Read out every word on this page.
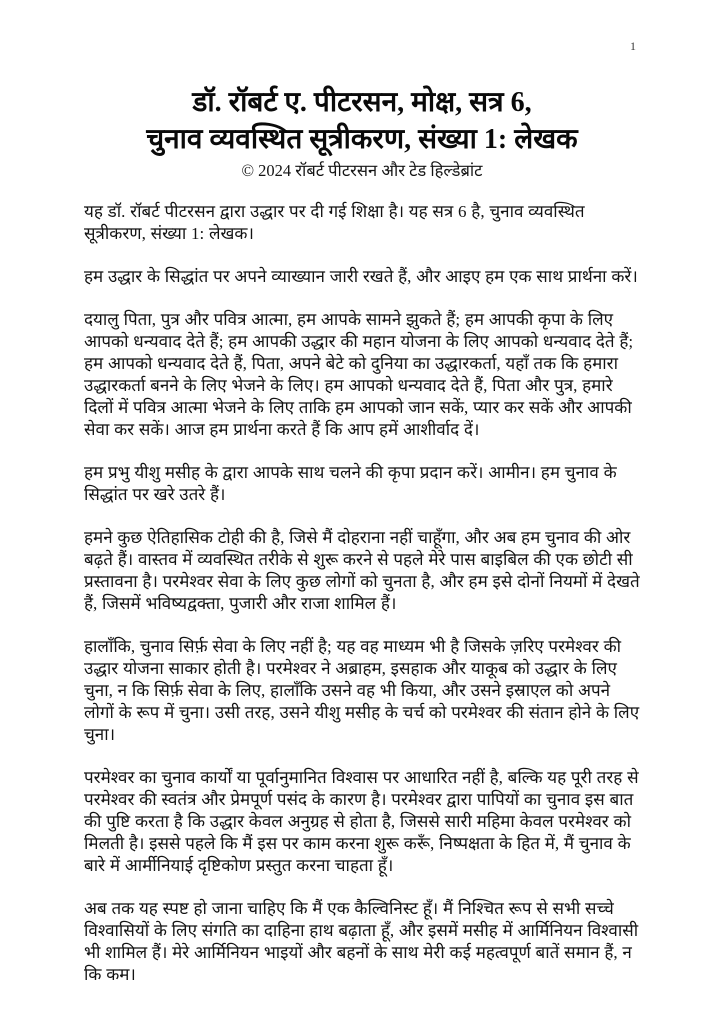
1
डॉ. रॉबर्ट ए. पीटरसन, मोक्ष, सत्र 6,
चुनाव व्यवस्थित सूत्रीकरण, संख्या 1: लेखक
© 2024 रॉबर्ट पीटरसन और टेड हिल्डेब्रांट

यह डॉ. रॉबर्ट पीटरसन द्वारा उद्धार पर दी गई शिक्षा है। यह सत्र 6 है, चुनाव व्यवस्थित सूत्रीकरण, संख्या 1: लेखक।

हम उद्धार के सिद्धांत पर अपने व्याख्यान जारी रखते हैं, और आइए हम एक साथ प्रार्थना करें।

दयालु पिता, पुत्र और पवित्र आत्मा, हम आपके सामने झुकते हैं; हम आपकी कृपा के लिए आपको धन्यवाद देते हैं; हम आपकी उद्धार की महान योजना के लिए आपको धन्यवाद देते हैं; हम आपको धन्यवाद देते हैं, पिता, अपने बेटे को दुनिया का उद्धारकर्ता, यहाँ तक कि हमारा उद्धारकर्ता बनने के लिए भेजने के लिए। हम आपको धन्यवाद देते हैं, पिता और पुत्र, हमारे दिलों में पवित्र आत्मा भेजने के लिए ताकि हम आपको जान सकें, प्यार कर सकें और आपकी सेवा कर सकें। आज हम प्रार्थना करते हैं कि आप हमें आशीर्वाद दें।

हम प्रभु यीशु मसीह के द्वारा आपके साथ चलने की कृपा प्रदान करें। आमीन। हम चुनाव के सिद्धांत पर खरे उतरे हैं।

हमने कुछ ऐतिहासिक टोही की है, जिसे मैं दोहराना नहीं चाहूँगा, और अब हम चुनाव की ओर बढ़ते हैं। वास्तव में व्यवस्थित तरीके से शुरू करने से पहले मेरे पास बाइबिल की एक छोटी सी प्रस्तावना है। परमेश्वर सेवा के लिए कुछ लोगों को चुनता है, और हम इसे दोनों नियमों में देखते हैं, जिसमें भविष्यद्वक्ता, पुजारी और राजा शामिल हैं।

हालाँकि, चुनाव सिर्फ़ सेवा के लिए नहीं है; यह वह माध्यम भी है जिसके ज़रिए परमेश्वर की उद्धार योजना साकार होती है। परमेश्वर ने अब्राहम, इसहाक और याकूब को उद्धार के लिए चुना, न कि सिर्फ़ सेवा के लिए, हालाँकि उसने वह भी किया, और उसने इस्राएल को अपने लोगों के रूप में चुना। उसी तरह, उसने यीशु मसीह के चर्च को परमेश्वर की संतान होने के लिए चुना।

परमेश्वर का चुनाव कार्यों या पूर्वानुमानित विश्वास पर आधारित नहीं है, बल्कि यह पूरी तरह से परमेश्वर की स्वतंत्र और प्रेमपूर्ण पसंद के कारण है। परमेश्वर द्वारा पापियों का चुनाव इस बात की पुष्टि करता है कि उद्धार केवल अनुग्रह से होता है, जिससे सारी महिमा केवल परमेश्वर को मिलती है। इससे पहले कि मैं इस पर काम करना शुरू करूँ, निष्पक्षता के हित में, मैं चुनाव के बारे में आर्मीनियाई दृष्टिकोण प्रस्तुत करना चाहता हूँ।

अब तक यह स्पष्ट हो जाना चाहिए कि मैं एक कैल्विनिस्ट हूँ। मैं निश्चित रूप से सभी सच्चे विश्वासियों के लिए संगति का दाहिना हाथ बढ़ाता हूँ, और इसमें मसीह में आर्मिनियन विश्वासी भी शामिल हैं। मेरे आर्मिनियन भाइयों और बहनों के साथ मेरी कई महत्वपूर्ण बातें समान हैं, न कि कम।
